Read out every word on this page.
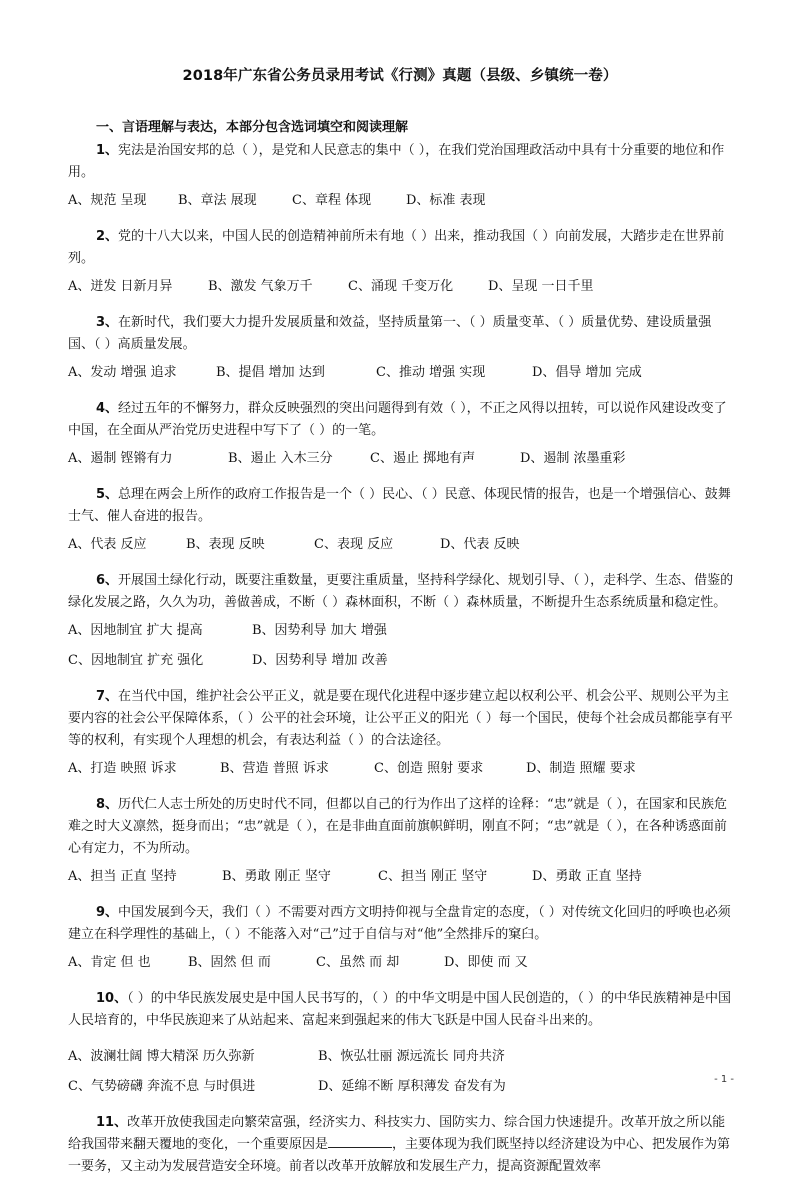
2018年广东省公务员录用考试《行测》真题（县级、乡镇统一卷）
一、言语理解与表达，本部分包含选词填空和阅读理解

1、宪法是治国安邦的总（ ），是党和人民意志的集中（ ），在我们党治国理政活动中具有十分重要的地位和作用。

A、规范 呈现 B、章法 展现	C、章程 体现	D、标准 表现

2、党的十八大以来，中国人民的创造精神前所未有地（ ）出来，推动我国（ ）向前发展，大踏步走在世界前列。

A、迸发 日新月异	B、激发 气象万千	C、涌现 千变万化	D、呈现 一日千里

3、在新时代，我们要大力提升发展质量和效益，坚持质量第一、（ ）质量变革、（ ）质量优势、建设质量强国、（ ）高质量发展。

A、发动 增强 追求	B、提倡 增加 达到	C、推动 增强 实现	D、倡导 增加 完成

4、经过五年的不懈努力，群众反映强烈的突出问题得到有效（ ），不正之风得以扭转，可以说作风建设改变了中国，在全面从严治党历史进程中写下了（ ）的一笔。

A、遏制 铿锵有力	B、遏止 入木三分	C、遏止 掷地有声	D、遏制 浓墨重彩

5、总理在两会上所作的政府工作报告是一个（ ）民心、（ ）民意、体现民情的报告，也是一个增强信心、鼓舞士气、催人奋进的报告。

A、代表 反应	B、表现 反映	C、表现 反应	D、代表 反映

6、开展国土绿化行动，既要注重数量，更要注重质量，坚持科学绿化、规划引导、（ ），走科学、生态、借鉴的绿化发展之路，久久为功，善做善成，不断（ ）森林面积，不断（ ）森林质量，不断提升生态系统质量和稳定性。

A、因地制宜 扩大 提高	B、因势利导 加大 增强

C、因地制宜 扩充 强化	D、因势利导 增加 改善

7、在当代中国，维护社会公平正义，就是要在现代化进程中逐步建立起以权利公平、机会公平、规则公平为主要内容的社会公平保障体系，（ ）公平的社会环境，让公平正义的阳光（ ）每一个国民，使每个社会成员都能享有平等的权利，有实现个人理想的机会，有表达利益（ ）的合法途径。

A、打造 映照 诉求	B、营造 普照 诉求	C、创造 照射 要求	D、制造 照耀 要求

8、历代仁人志士所处的历史时代不同，但都以自己的行为作出了这样的诠释：“忠”就是（ ），在国家和民族危难之时大义凛然，挺身而出；“忠”就是（ ），在是非曲直面前旗帜鲜明，刚直不阿；“忠”就是（ ），在各种诱惑面前心有定力，不为所动。

A、担当 正直 坚持	B、勇敢 刚正 坚守	C、担当 刚正 坚守	D、勇敢 正直 坚持

9、中国发展到今天，我们（ ）不需要对西方文明持仰视与全盘肯定的态度，（ ）对传统文化回归的呼唤也必须建立在科学理性的基础上，（ ）不能落入对“己”过于自信与对“他”全然排斥的窠臼。

A、肯定 但 也	B、固然 但 而	C、虽然 而 却	D、即使 而 又

10、（ ）的中华民族发展史是中国人民书写的，（ ）的中华文明是中国人民创造的，（ ）的中华民族精神是中国人民培育的，中华民族迎来了从站起来、富起来到强起来的伟大飞跃是中国人民奋斗出来的。

A、波澜壮阔 博大精深 历久弥新	B、恢弘壮丽 源远流长 同舟共济

C、气势磅礴 奔流不息 与时俱进	D、延绵不断 厚积薄发 奋发有为

11、改革开放使我国走向繁荣富强，经济实力、科技实力、国防实力、综合国力快速提升。改革开放之所以能给我国带来翻天覆地的变化，一个重要原因是	，主要体现为我们既坚持以经济建设为中心、把发展作为第一要务，又主动为发展营造安全环境。前者以改革开放解放和发展生产力，提高资源配置效率

- 1 -
